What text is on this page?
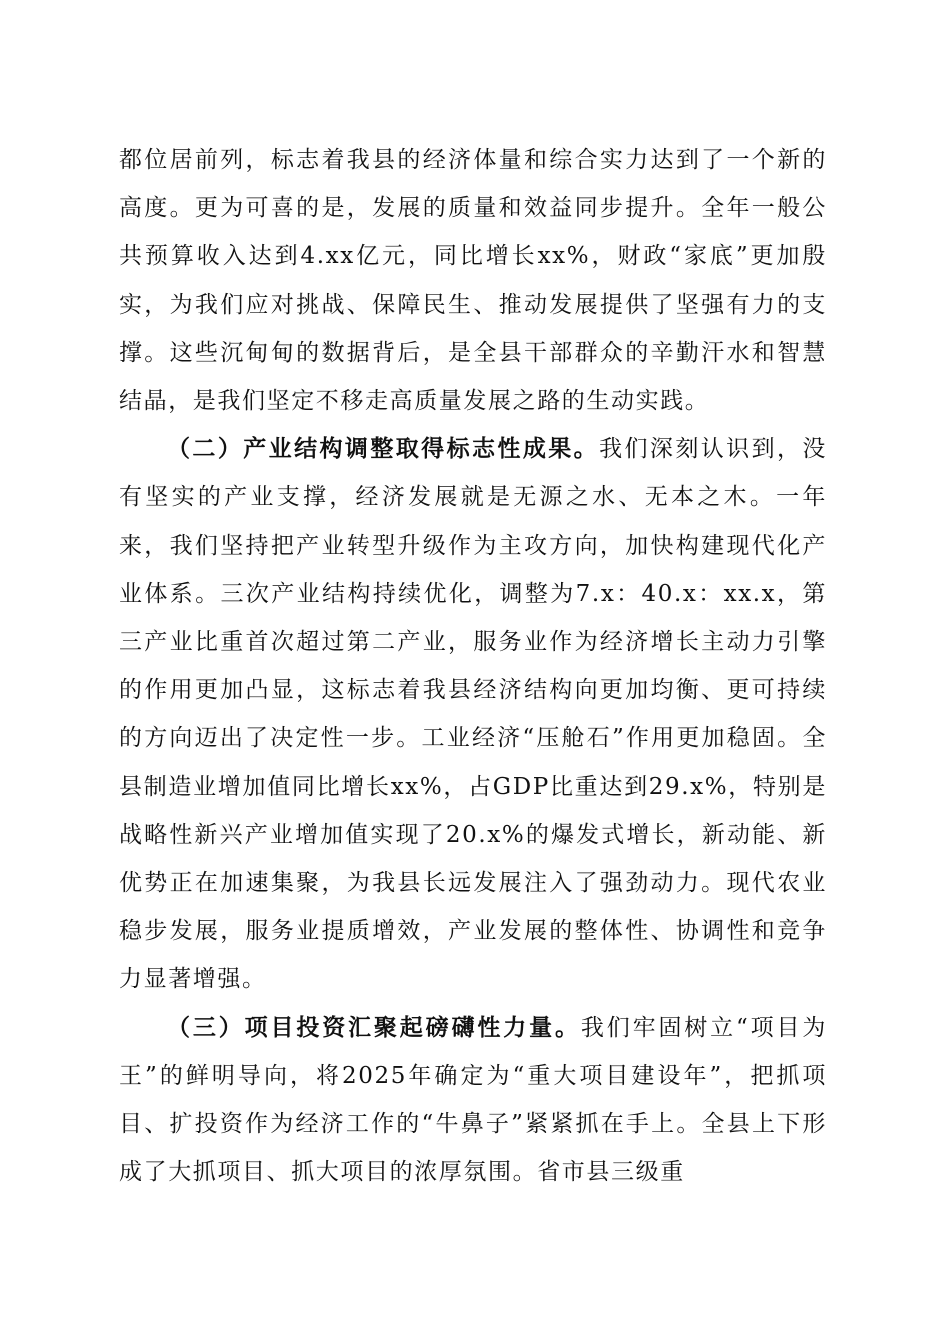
都位居前列，标志着我县的经济体量和综合实力达到了一个新的高度。更为可喜的是，发展的质量和效益同步提升。全年一般公共预算收入达到4.xx亿元，同比增长xx%，财政“家底”更加殷实，为我们应对挑战、保障民生、推动发展提供了坚强有力的支撑。这些沉甸甸的数据背后，是全县干部群众的辛勤汗水和智慧结晶，是我们坚定不移走高质量发展之路的生动实践。

（二）产业结构调整取得标志性成果。我们深刻认识到，没有坚实的产业支撑，经济发展就是无源之水、无本之木。一年来，我们坚持把产业转型升级作为主攻方向，加快构建现代化产业体系。三次产业结构持续优化，调整为7.x：40.x：xx.x，第三产业比重首次超过第二产业，服务业作为经济增长主动力引擎的作用更加凸显，这标志着我县经济结构向更加均衡、更可持续的方向迈出了决定性一步。工业经济“压舱石”作用更加稳固。全县制造业增加值同比增长xx%，占GDP比重达到29.x%，特别是战略性新兴产业增加值实现了20.x%的爆发式增长，新动能、新优势正在加速集聚，为我县长远发展注入了强劲动力。现代农业稳步发展，服务业提质增效，产业发展的整体性、协调性和竞争力显著增强。

（三）项目投资汇聚起磅礴性力量。我们牢固树立“项目为王”的鲜明导向，将2025年确定为“重大项目建设年”，把抓项目、扩投资作为经济工作的“牛鼻子”紧紧抓在手上。全县上下形成了大抓项目、抓大项目的浓厚氛围。省市县三级重
